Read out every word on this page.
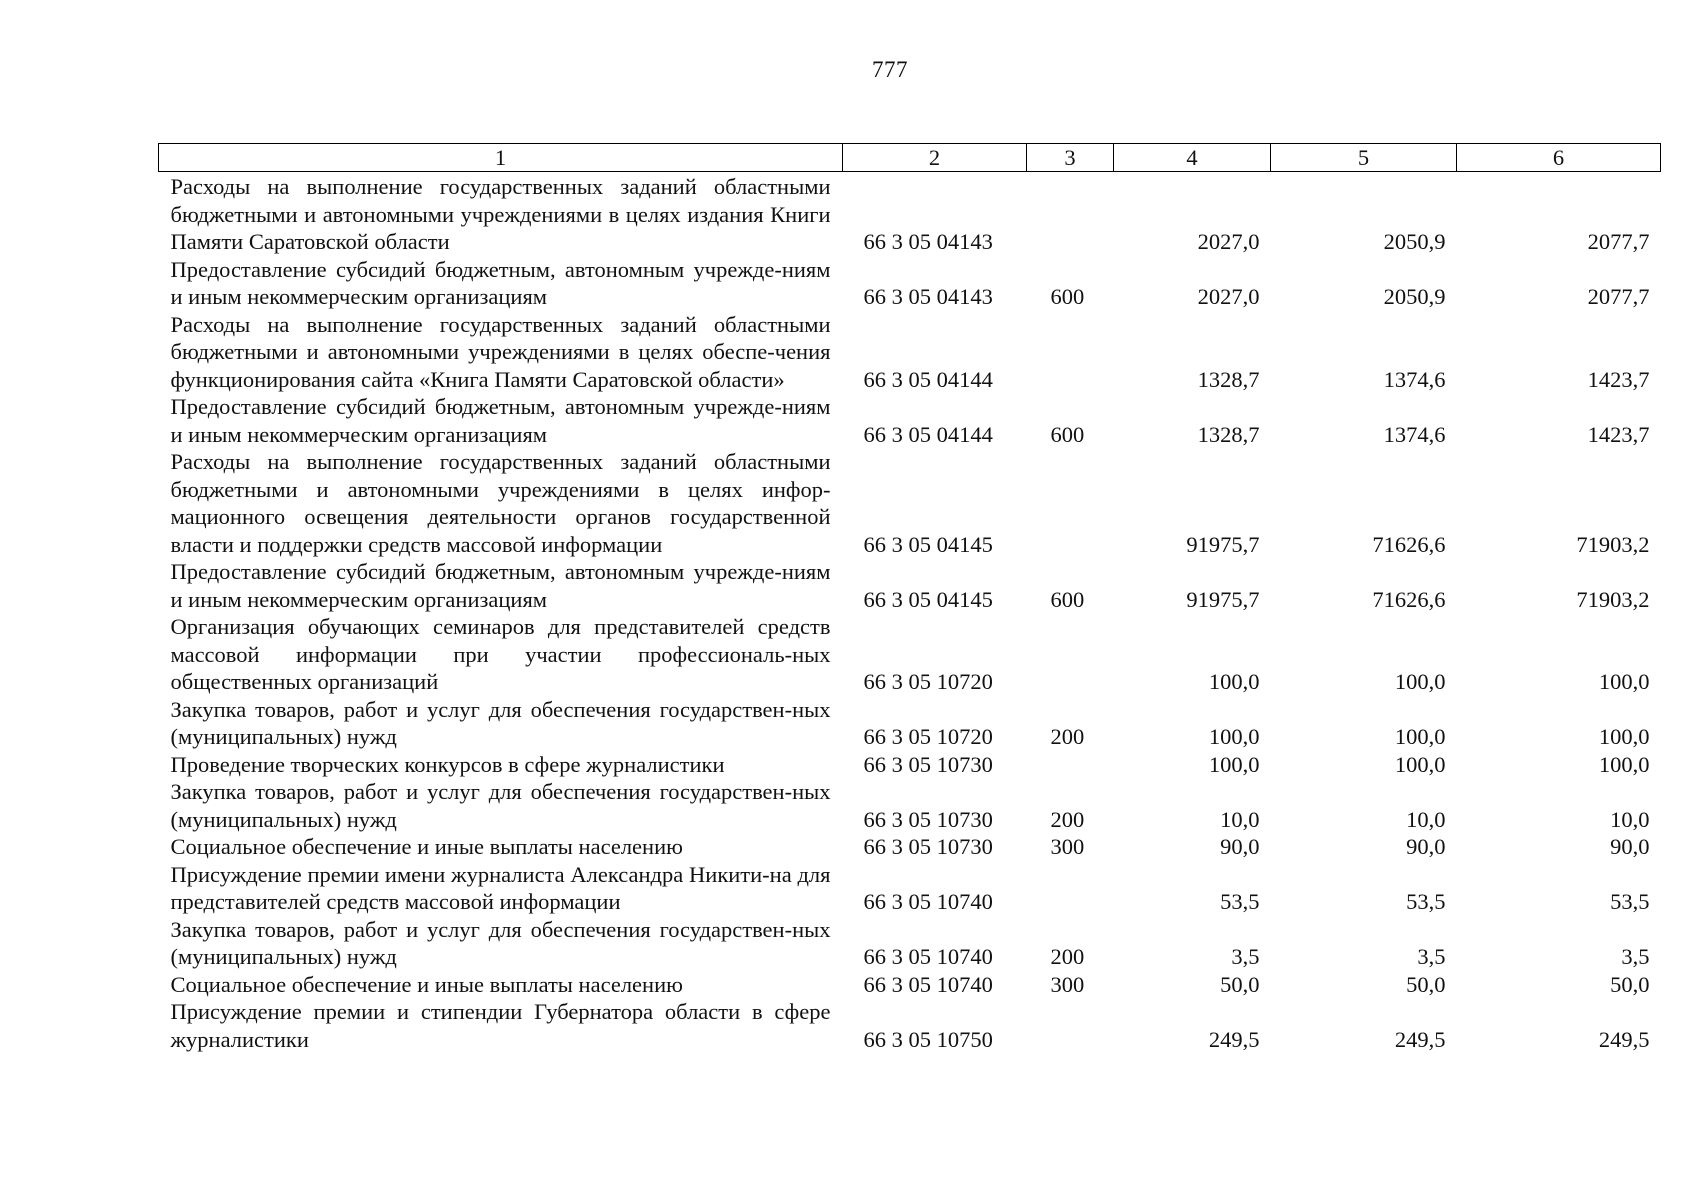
777
1	2	3	4	5	6
Расходы на выполнение государственных заданий областными бюджетными и автономными учреждениями в целях издания Книги Памяти Саратовской области	66 3 05 04143		2027,0	2050,9	2077,7
Предоставление субсидий бюджетным, автономным учрежде-ниям и иным некоммерческим организациям	66 3 05 04143	600	2027,0	2050,9	2077,7
Расходы на выполнение государственных заданий областными бюджетными и автономными учреждениями в целях обеспе-чения функционирования сайта «Книга Памяти Саратовской области»	66 3 05 04144		1328,7	1374,6	1423,7
Предоставление субсидий бюджетным, автономным учрежде-ниям и иным некоммерческим организациям	66 3 05 04144	600	1328,7	1374,6	1423,7
Расходы на выполнение государственных заданий областными бюджетными и автономными учреждениями в целях инфор-мационного освещения деятельности органов государственной власти и поддержки средств массовой информации	66 3 05 04145		91975,7	71626,6	71903,2
Предоставление субсидий бюджетным, автономным учрежде-ниям и иным некоммерческим организациям	66 3 05 04145	600	91975,7	71626,6	71903,2
Организация обучающих семинаров для представителей средств массовой информации при участии профессиональ-ных общественных организаций	66 3 05 10720		100,0	100,0	100,0
Закупка товаров, работ и услуг для обеспечения государствен-ных (муниципальных) нужд	66 3 05 10720	200	100,0	100,0	100,0
Проведение творческих конкурсов в сфере журналистики	66 3 05 10730		100,0	100,0	100,0
Закупка товаров, работ и услуг для обеспечения государствен-ных (муниципальных) нужд	66 3 05 10730	200	10,0	10,0	10,0
Социальное обеспечение и иные выплаты населению	66 3 05 10730	300	90,0	90,0	90,0
Присуждение премии имени журналиста Александра Никити-на для представителей средств массовой информации	66 3 05 10740		53,5	53,5	53,5
Закупка товаров, работ и услуг для обеспечения государствен-ных (муниципальных) нужд	66 3 05 10740	200	3,5	3,5	3,5
Социальное обеспечение и иные выплаты населению	66 3 05 10740	300	50,0	50,0	50,0
Присуждение премии и стипендии Губернатора области в сфере журналистики	66 3 05 10750		249,5	249,5	249,5
